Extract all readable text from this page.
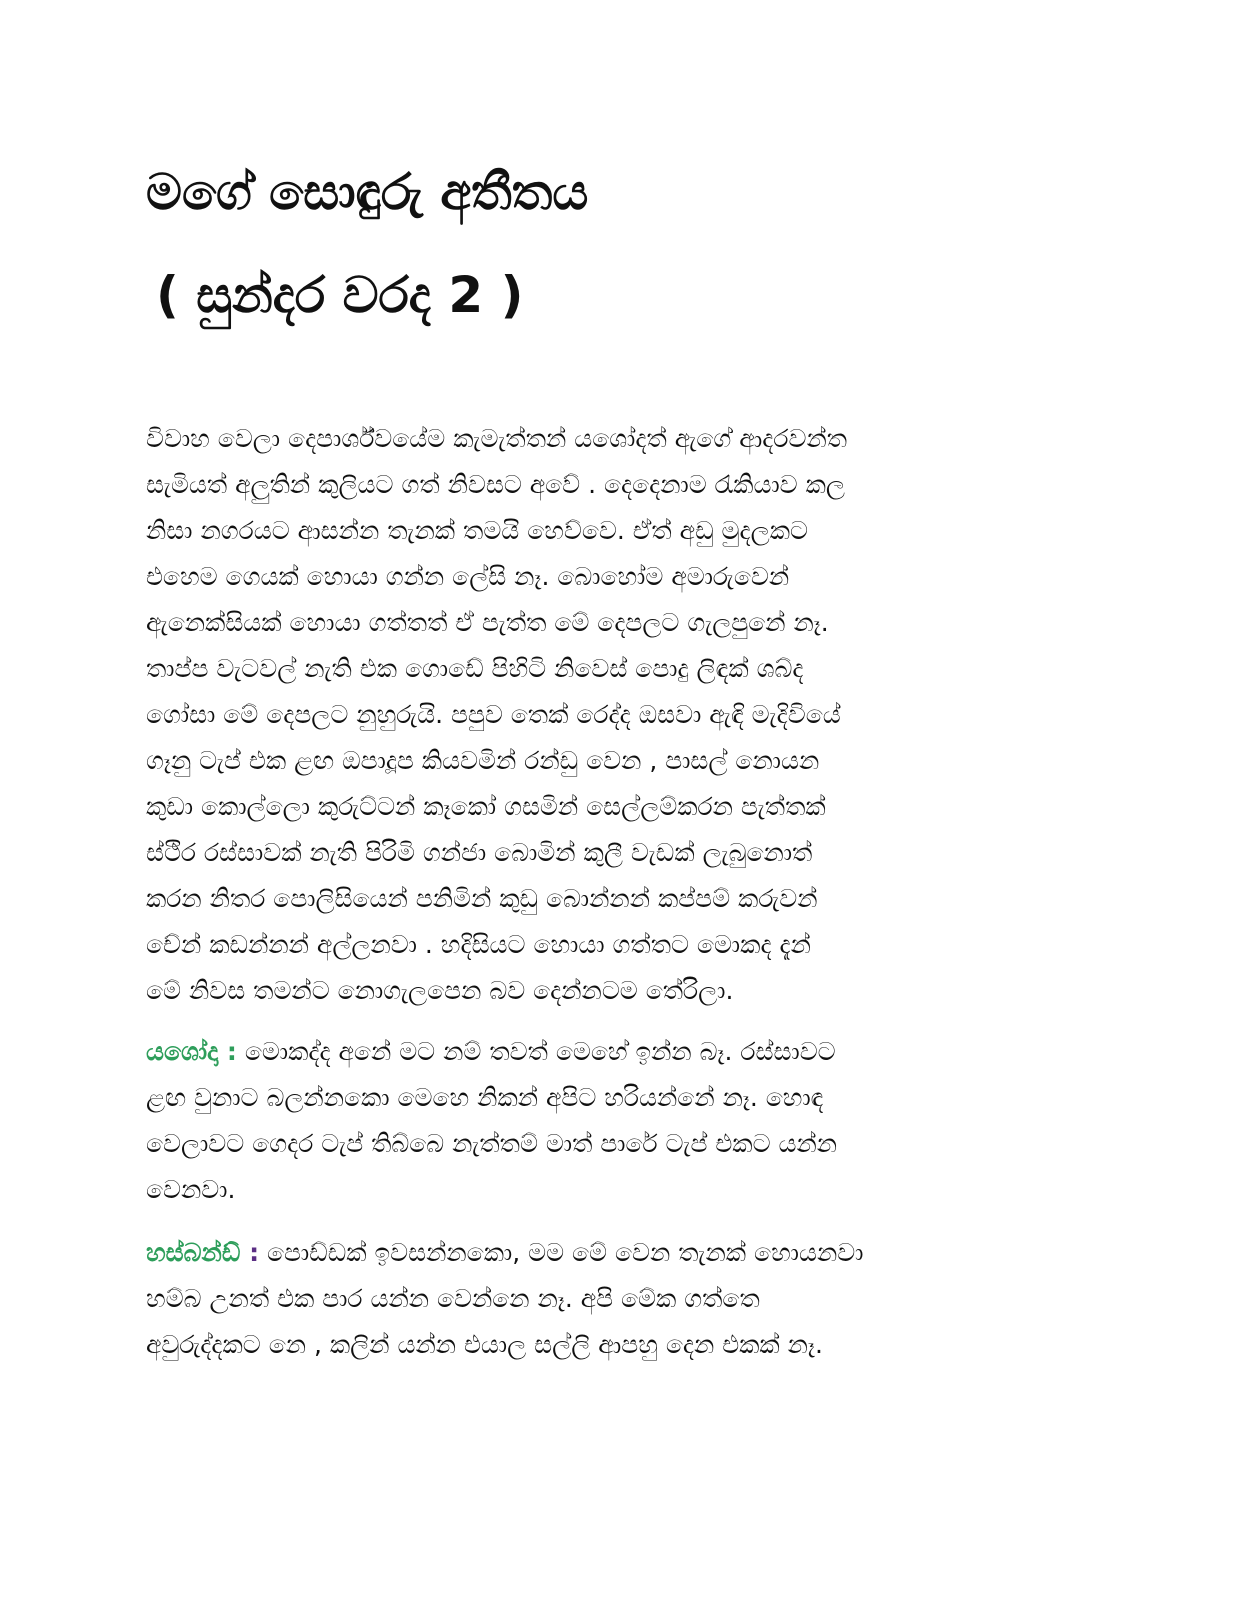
මගේ සොඳුරු අතීතය
( සුන්දර වරද 2 )
විවාහ වෙලා දෙපාර්ශ්වයේම කැමැත්තන් යශෝදත් ඇගේ ආදරවන්ත
සැමියත් අලුතින් කුලියට ගත් නිවසට අවේ . දෙදෙනාම රැකියාව කල
නිසා නගරයට ආසන්න තැනක් තමයි හෙව්වෙ. ඒත් අඩු මුදලකට
එහෙම ගෙයක් හොයා ගන්න ලේසි නෑ. බොහෝම අමාරුවෙන්
ඇනෙක්සියක් හොයා ගත්තත් ඒ පැත්ත මේ දෙපලට ගැලපුනේ නෑ.
තාප්ප වැටවල් නැති එක ගොඩේ පිහිටි නිවෙස් පොදු ලිඳක් ශබ්ද
ගෝසා මේ දෙපලට නුහුරුයි. පපුව තෙක් රෙද්ද ඔසවා ඇඳි මැදිවියේ
ගෑනු ටැප් එක ළඟ ඔපාදූප කියවමින් රන්ඩු වෙන , පාසල් නොයන
කුඩා කොල්ලො කුරුට්ටන් කෑකෝ ගසමින් සෙල්ලම්කරන පැත්තක්
ස්ථිර රස්සාවක් නැති පිරිමි ගන්ජා බොමින් කුලී වැඩක් ලැබුනොත්
කරන නිතර පොලිසියෙන් පනිමින් කුඩු බොන්නන් කප්පම් කරුවන්
චේන් කඩන්නන් අල්ලනවා . හදිසියට හොයා ගත්තට මොකද දැන්
මේ නිවස තමන්ට නොගැලපෙන බව දෙන්නටම තේරිලා.
යශෝදා : මොකද්ද අනේ මට නම් තවත් මෙහේ ඉන්න බෑ. රස්සාවට
ළඟ වුනාට බලන්නකො මෙහෙ නිකන් අපිට හරියන්නේ නෑ. හොඳ
වෙලාවට ගෙදර ටැප් තිබ්බෙ නැත්තම් මාත් පාරේ ටැප් එකට යන්න
වෙනවා.
හස්බන්ඩ් : පොඩ්ඩක් ඉවසන්නකො, මම මේ වෙන තැනක් හොයනවා
හම්බ උනත් එක පාර යන්න වෙන්නෙ නෑ. අපි මේක ගත්තෙ
අවුරුද්දකට නෙ , කලින් යන්න එයාල සල්ලි ආපහු දෙන එකක් නෑ.
